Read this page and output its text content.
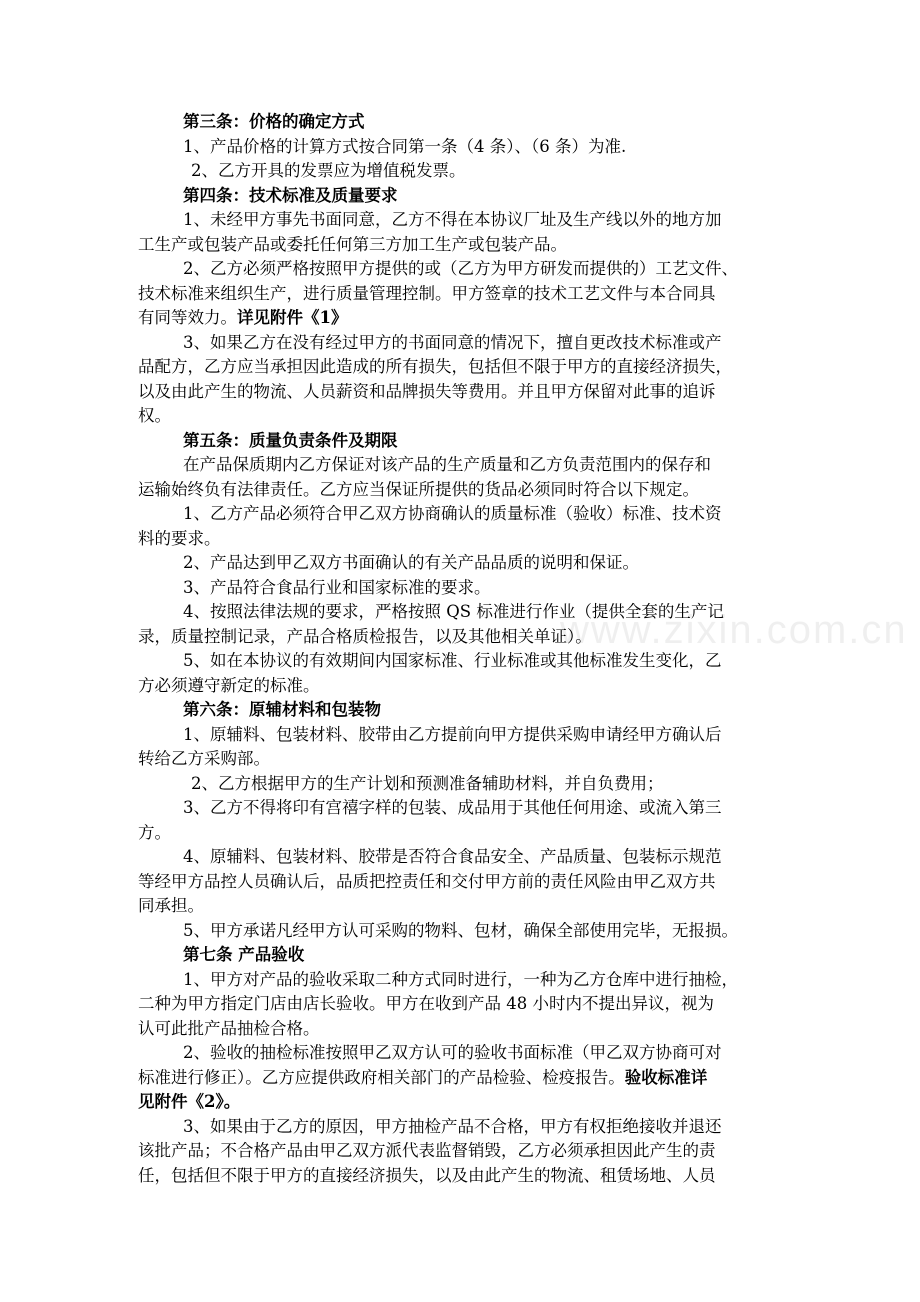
www.zixin.com.cn
第三条：价格的确定方式
1、产品价格的计算方式按合同第一条（4 条）、（6 条）为准.
2、乙方开具的发票应为增值税发票。
第四条：技术标准及质量要求
1、未经甲方事先书面同意，乙方不得在本协议厂址及生产线以外的地方加
工生产或包装产品或委托任何第三方加工生产或包装产品。
2、乙方必须严格按照甲方提供的或（乙方为甲方研发而提供的）工艺文件、
技术标准来组织生产，进行质量管理控制。甲方签章的技术工艺文件与本合同具
有同等效力。详见附件《1》
3、如果乙方在没有经过甲方的书面同意的情况下，擅自更改技术标准或产
品配方，乙方应当承担因此造成的所有损失，包括但不限于甲方的直接经济损失，
以及由此产生的物流、人员薪资和品牌损失等费用。并且甲方保留对此事的追诉
权。
第五条：质量负责条件及期限
在产品保质期内乙方保证对该产品的生产质量和乙方负责范围内的保存和
运输始终负有法律责任。乙方应当保证所提供的货品必须同时符合以下规定。
1、乙方产品必须符合甲乙双方协商确认的质量标准（验收）标准、技术资
料的要求。
2、产品达到甲乙双方书面确认的有关产品品质的说明和保证。
3、产品符合食品行业和国家标准的要求。
4、按照法律法规的要求，严格按照 QS 标准进行作业（提供全套的生产记
录，质量控制记录，产品合格质检报告，以及其他相关单证）。
5、如在本协议的有效期间内国家标准、行业标准或其他标准发生变化，乙
方必须遵守新定的标准。
第六条：原辅材料和包装物
1、原辅料、包装材料、胶带由乙方提前向甲方提供采购申请经甲方确认后
转给乙方采购部。
2、乙方根据甲方的生产计划和预测准备辅助材料，并自负费用；
3、乙方不得将印有宫禧字样的包装、成品用于其他任何用途、或流入第三
方。
4、原辅料、包装材料、胶带是否符合食品安全、产品质量、包装标示规范
等经甲方品控人员确认后，品质把控责任和交付甲方前的责任风险由甲乙双方共
同承担。
5、甲方承诺凡经甲方认可采购的物料、包材，确保全部使用完毕，无报损。
第七条 产品验收
1、甲方对产品的验收采取二种方式同时进行，一种为乙方仓库中进行抽检，
二种为甲方指定门店由店长验收。甲方在收到产品 48 小时内不提出异议，视为
认可此批产品抽检合格。
2、验收的抽检标准按照甲乙双方认可的验收书面标准（甲乙双方协商可对
标准进行修正）。乙方应提供政府相关部门的产品检验、检疫报告。验收标准详
见附件《2》。
3、如果由于乙方的原因，甲方抽检产品不合格，甲方有权拒绝接收并退还
该批产品；不合格产品由甲乙双方派代表监督销毁，乙方必须承担因此产生的责
任，包括但不限于甲方的直接经济损失，以及由此产生的物流、租赁场地、人员
